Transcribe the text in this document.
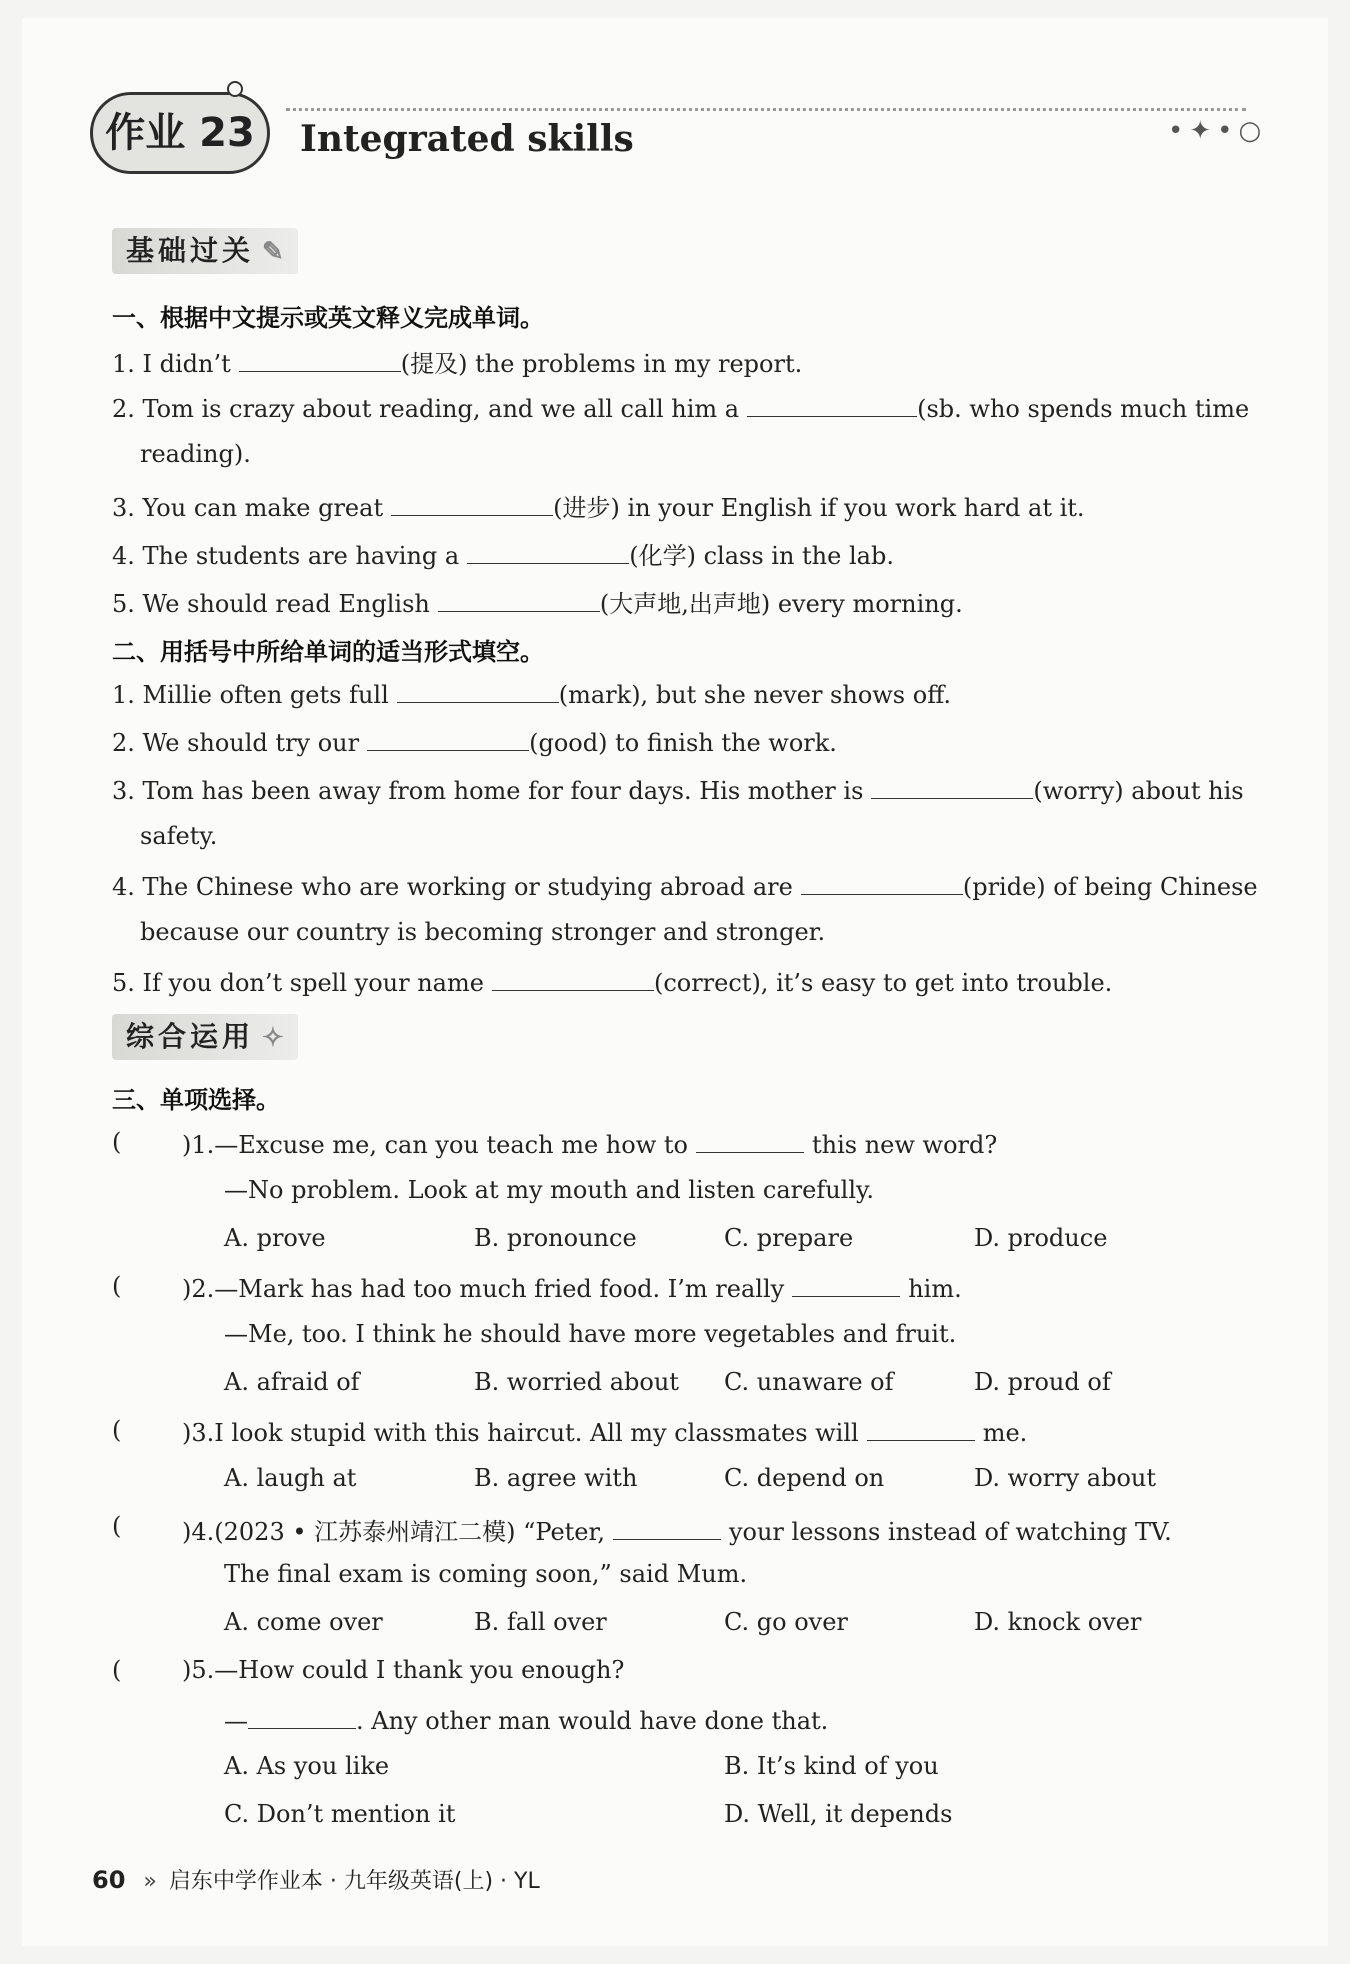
作业 23	•✦•○
Integrated skills
基础过关 ✎
一、根据中文提示或英文释义完成单词。
1. I didn’t	(提及) the problems in my report.
2. Tom is crazy about reading, and we all call him a	(sb. who spends much time
reading).
3. You can make great	(进步) in your English if you work hard at it.
4. The students are having a	(化学) class in the lab.
5. We should read English	(大声地,出声地) every morning.
二、用括号中所给单词的适当形式填空。
1. Millie often gets full	(mark), but she never shows off.
2. We should try our	(good) to finish the work.
3. Tom has been away from home for four days. His mother is	(worry) about his
safety.
4. The Chinese who are working or studying abroad are	(pride) of being Chinese
because our country is becoming stronger and stronger.
5. If you don’t spell your name	(correct), it’s easy to get into trouble.
综合运用 ✧
三、单项选择。
(	)1.—Excuse me, can you teach me how to	this new word?
—No problem. Look at my mouth and listen carefully.
A. prove	B. pronounce	C. prepare	D. produce
(	)2.—Mark has had too much fried food. I’m really	him.
—Me, too. I think he should have more vegetables and fruit.
A. afraid of	B. worried about C. unaware of	D. proud of
(	)3.I look stupid with this haircut. All my classmates will	me.
A. laugh at	B. agree with	C. depend on	D. worry about
(	)4.(2023 • 江苏泰州靖江二模) “Peter,	your lessons instead of watching TV.
The final exam is coming soon,” said Mum.
A. come over	B. fall over	C. go over	D. knock over
(	)5.—How could I thank you enough?
—	. Any other man would have done that.
A. As you like	B. It’s kind of you
C. Don’t mention it	D. Well, it depends
60 » 启东中学作业本 · 九年级英语(上) · YL
